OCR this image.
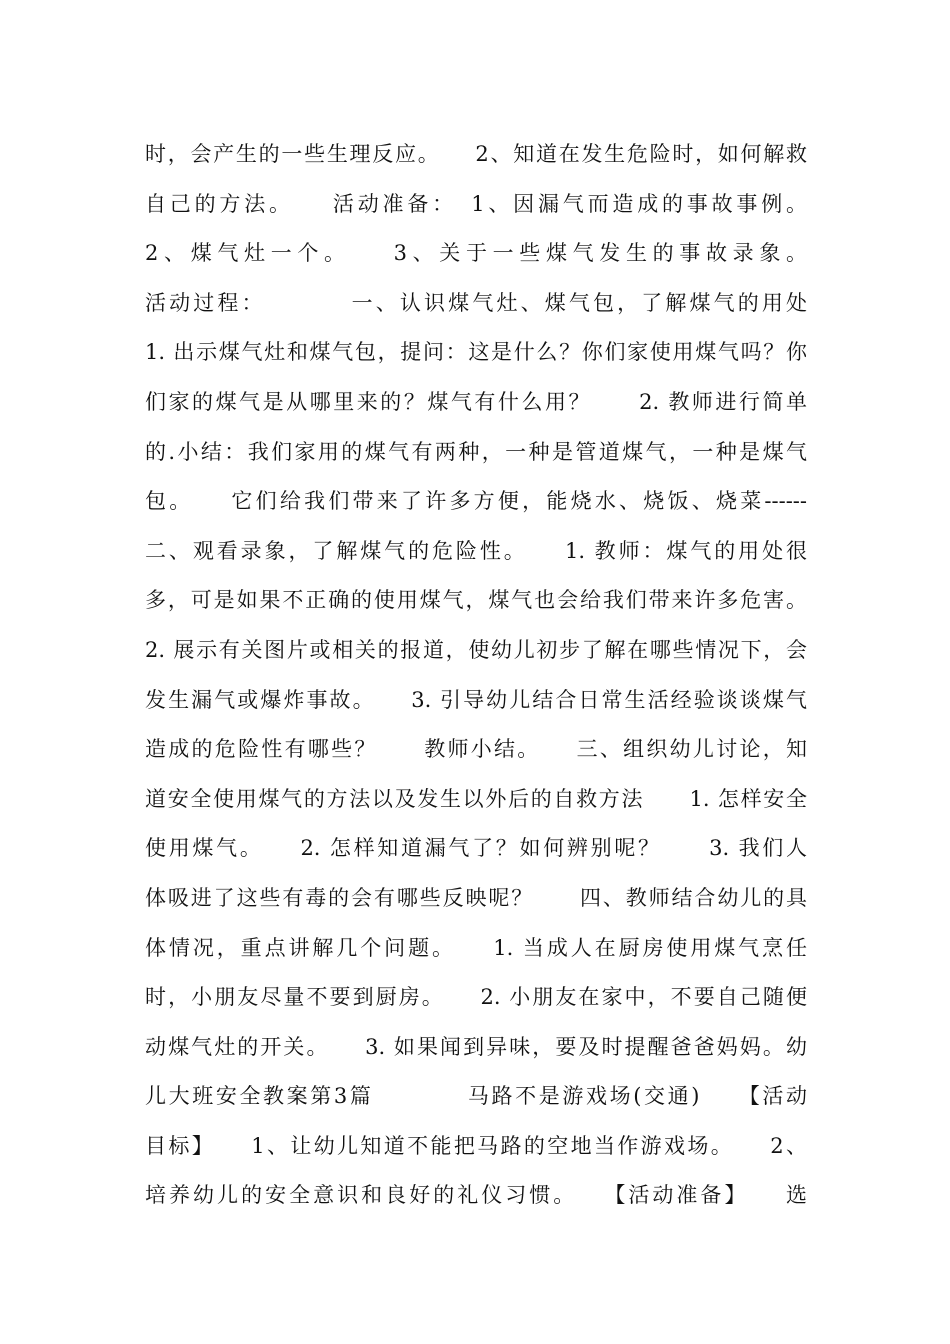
时，会产生的一些生理反应。　　2、知道在发生危险时，如何解救
自己的方法。　　活动准备：　1、因漏气而造成的事故事例。
2、煤气灶一个。　　3、关于一些煤气发生的事故录象。
活动过程：　　　　一、认识煤气灶、煤气包，了解煤气的用处
1. 出示煤气灶和煤气包，提问：这是什么？你们家使用煤气吗？你
们家的煤气是从哪里来的？煤气有什么用？　　2. 教师进行简单
的.小结：我们家用的煤气有两种，一种是管道煤气，一种是煤气
包。　　它们给我们带来了许多方便，能烧水、烧饭、烧菜------
二、观看录象，了解煤气的危险性。　　1. 教师：煤气的用处很
多，可是如果不正确的使用煤气，煤气也会给我们带来许多危害。
2. 展示有关图片或相关的报道，使幼儿初步了解在哪些情况下，会
发生漏气或爆炸事故。　　3. 引导幼儿结合日常生活经验谈谈煤气
造成的危险性有哪些？　　教师小结。　　三、组织幼儿讨论，知
道安全使用煤气的方法以及发生以外后的自救方法　　1. 怎样安全
使用煤气。　　2. 怎样知道漏气了？如何辨别呢？　　3. 我们人
体吸进了这些有毒的会有哪些反映呢？　　四、教师结合幼儿的具
体情况，重点讲解几个问题。　　1. 当成人在厨房使用煤气烹任
时，小朋友尽量不要到厨房。　　2. 小朋友在家中，不要自己随便
动煤气灶的开关。　　3. 如果闻到异味，要及时提醒爸爸妈妈。幼
儿大班安全教案第3篇　　　　马路不是游戏场(交通)　　【活动
目标】　　1、让幼儿知道不能把马路的空地当作游戏场。　　2、
培养幼儿的安全意识和良好的礼仪习惯。　　【活动准备】　　选
